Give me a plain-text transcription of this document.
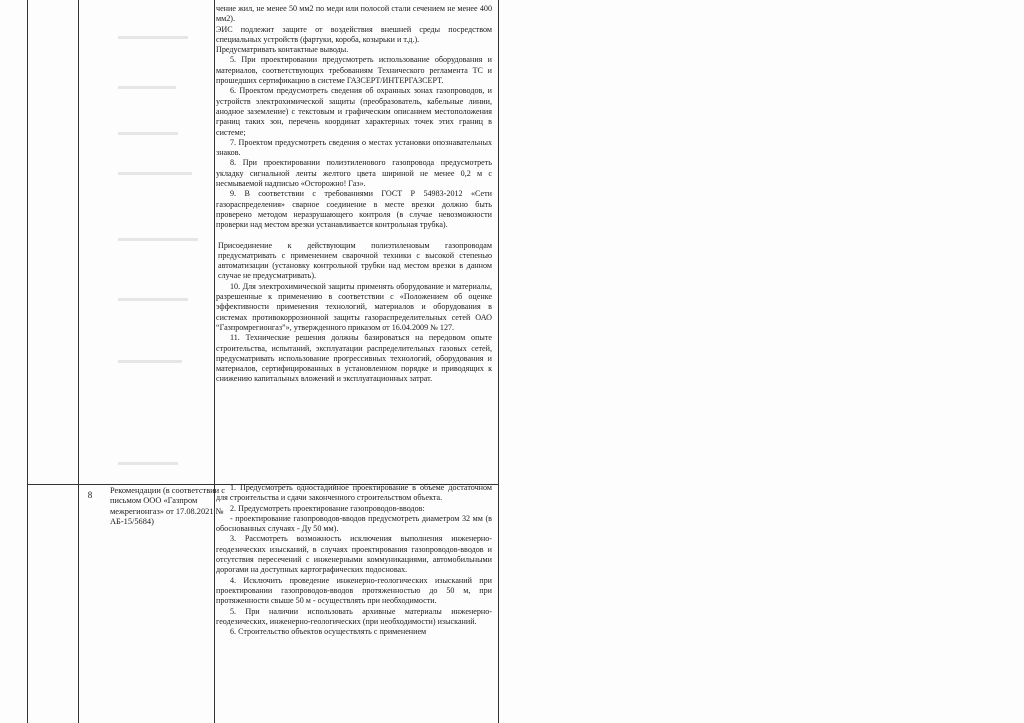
8	Рекомендации (в соответствии с письмом ООО «Газпром межрегионгаз» от 17.08.2021 № АБ-15/5684)

чение жил, не менее 50 мм2 по меди или полосой стали сечением не менее 400 мм2).

ЭИС подлежит защите от воздействия внешней среды посредством специальных устройств (фартуки, короба, козырьки и т.д.).

Предусматривать контактные выводы.

5. При проектировании предусмотреть использование оборудования и материалов, соответствующих требованиям Технического регламента ТС и прошедших сертификацию в системе ГАЗСЕРТ/ИНТЕРГАЗСЕРТ.

6. Проектом предусмотреть сведения об охранных зонах газопроводов, и устройств электрохимической защиты (преобразователь, кабельные линии, анодное заземление) с текстовым и графическим описанием местоположения границ таких зон, перечень координат характерных точек этих границ в системе;

7. Проектом предусмотреть сведения о местах установки опознавательных знаков.

8. При проектировании полиэтиленового газопровода предусмотреть укладку сигнальной ленты желтого цвета шириной не менее 0,2 м с несмываемой надписью «Осторожно! Газ».

9. В соответствии с требованиями ГОСТ Р 54983-2012 «Сети газораспределения» сварное соединение в месте врезки должно быть проверено методом неразрушающего контроля (в случае невозможности проверки над местом врезки устанавливается контрольная трубка).

Присоединение к действующим полиэтиленовым газопроводам предусматривать с применением сварочной техники с высокой степенью автоматизации (установку контрольной трубки над местом врезки в данном случае не предусматривать).

10. Для электрохимической защиты применять оборудование и материалы, разрешенные к применению в соответствии с «Положением об оценке эффективности применения технологий, материалов и оборудования в системах противокоррозионной защиты газораспределительных сетей ОАО “Газпромрегионгаз”», утвержденного приказом от 16.04.2009 № 127.

11. Технические решения должны базироваться на передовом опыте строительства, испытаний, эксплуатации распределительных газовых сетей, предусматривать использование прогрессивных технологий, оборудования и материалов, сертифицированных в установленном порядке и приводящих к снижению капитальных вложений и эксплуатационных затрат.

1. Предусмотреть одностадийное проектирование в объеме достаточном для строительства и сдачи законченного строительством объекта.

2. Предусмотреть проектирование газопроводов-вводов:

- проектирование газопроводов-вводов предусмотреть диаметром 32 мм (в обоснованных случаях - Ду 50 мм).

3. Рассмотреть возможность исключения выполнения инженерно-геодезических изысканий, в случаях проектирования газопроводов-вводов и отсутствия пересечений с инженерными коммуникациями, автомобильными дорогами на доступных картографических подосновах.

4. Исключить проведение инженерно-геологических изысканий при проектировании газопроводов-вводов протяженностью до 50 м, при протяженности свыше 50 м - осуществлять при необходимости.

5. При наличии использовать архивные материалы инженерно-геодезических, инженерно-геологических (при необходимости) изысканий.

6. Строительство объектов осуществлять с применением
